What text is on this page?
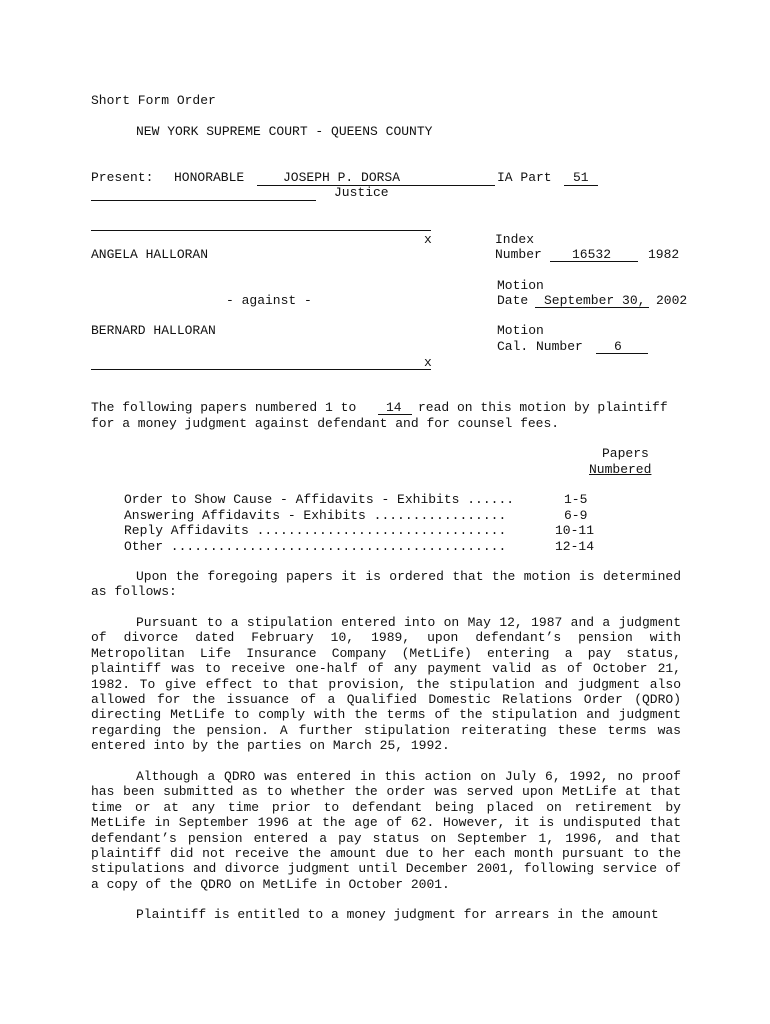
Short Form Order
NEW YORK SUPREME COURT - QUEENS COUNTY
Present: HONORABLE	JOSEPH P. DORSA	IA Part 51
Justice
x
ANGELA HALLORAN
- against -
BERNARD HALLORAN
x
Index
Number 16532	1982
Motion
Date September 30, 2002
Motion
Cal. Number 6
The following papers numbered 1 to 14 read on this motion by plaintiff
for a money judgment against defendant and for counsel fees.
Papers
Numbered
Order to Show Cause - Affidavits - Exhibits ......	1-5
Answering Affidavits - Exhibits .................	6-9
Reply Affidavits ................................	10-11
Other ...........................................	12-14

Upon the foregoing papers it is ordered that the motion is determined as follows:

Pursuant to a stipulation entered into on May 12, 1987 and a judgment of divorce dated February 10, 1989, upon defendant’s pension with Metropolitan Life Insurance Company (MetLife) entering a pay status, plaintiff was to receive one-half of any payment valid as of October 21, 1982. To give effect to that provision, the stipulation and judgment also allowed for the issuance of a Qualified Domestic Relations Order (QDRO) directing MetLife to comply with the terms of the stipulation and judgment regarding the pension. A further stipulation reiterating these terms was entered into by the parties on March 25, 1992.

Although a QDRO was entered in this action on July 6, 1992, no proof has been submitted as to whether the order was served upon MetLife at that time or at any time prior to defendant being placed on retirement by MetLife in September 1996 at the age of 62. However, it is undisputed that defendant’s pension entered a pay status on September 1, 1996, and that plaintiff did not receive the amount due to her each month pursuant to the stipulations and divorce judgment until December 2001, following service of a copy of the QDRO on MetLife in October 2001.

Plaintiff is entitled to a money judgment for arrears in the amount
